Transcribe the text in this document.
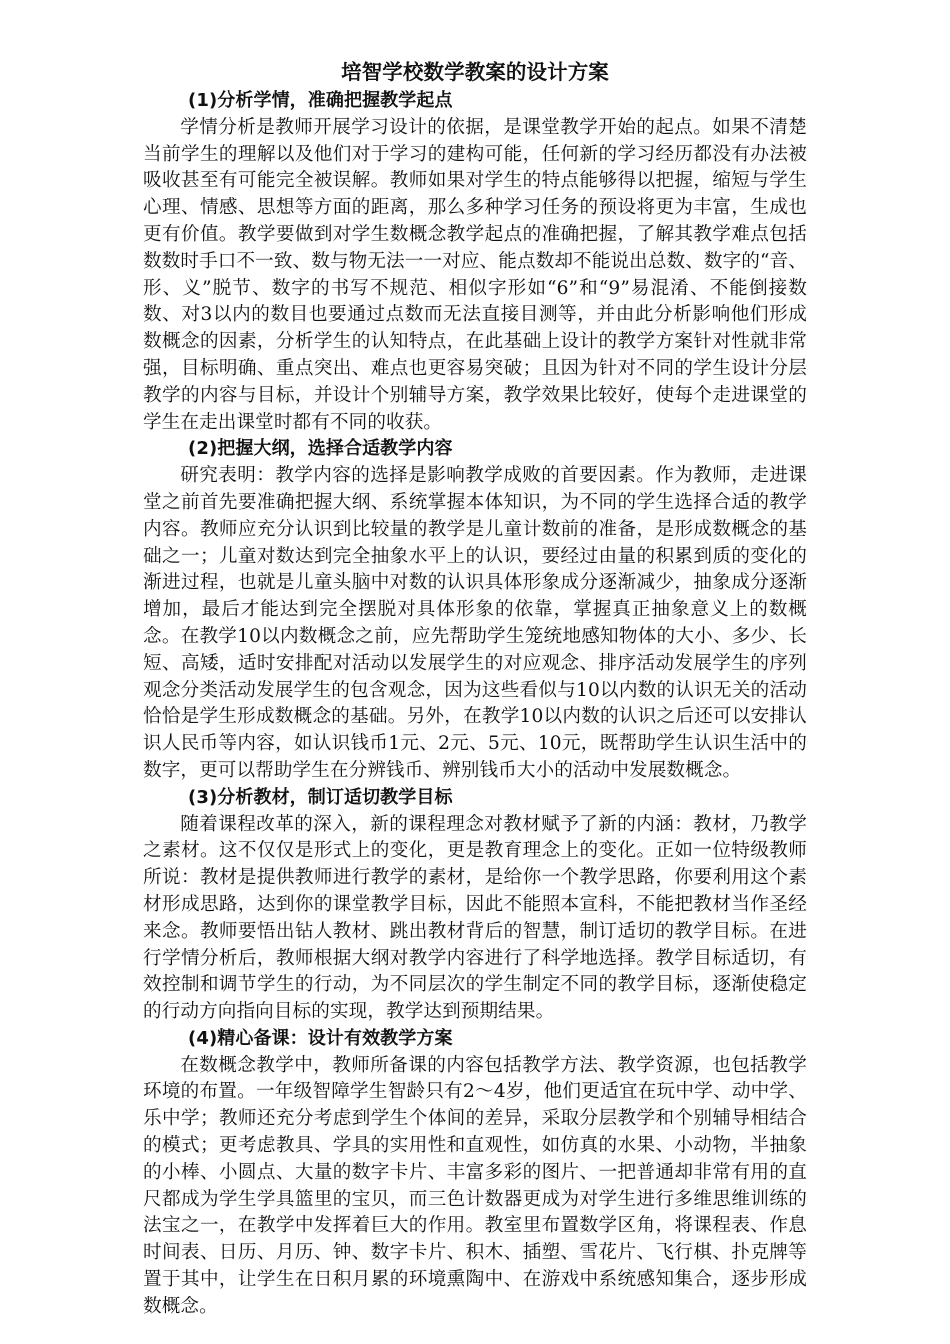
培智学校数学教案的设计方案
(1)分析学情，准确把握教学起点

学情分析是教师开展学习设计的依据，是课堂教学开始的起点。如果不清楚当前学生的理解以及他们对于学习的建构可能，任何新的学习经历都没有办法被吸收甚至有可能完全被误解。教师如果对学生的特点能够得以把握，缩短与学生心理、情感、思想等方面的距离，那么多种学习任务的预设将更为丰富，生成也更有价值。教学要做到对学生数概念教学起点的准确把握，了解其教学难点包括数数时手口不一致、数与物无法一一对应、能点数却不能说出总数、数字的“音、形、义”脱节、数字的书写不规范、相似字形如“6”和“9”易混淆、不能倒接数数、对3以内的数目也要通过点数而无法直接目测等，并由此分析影响他们形成数概念的因素，分析学生的认知特点，在此基础上设计的教学方案针对性就非常强，目标明确、重点突出、难点也更容易突破；且因为针对不同的学生设计分层教学的内容与目标，并设计个别辅导方案，教学效果比较好，使每个走进课堂的学生在走出课堂时都有不同的收获。

(2)把握大纲，选择合适教学内容

研究表明：教学内容的选择是影响教学成败的首要因素。作为教师，走进课堂之前首先要准确把握大纲、系统掌握本体知识，为不同的学生选择合适的教学内容。教师应充分认识到比较量的教学是儿童计数前的准备，是形成数概念的基础之一；儿童对数达到完全抽象水平上的认识，要经过由量的积累到质的变化的渐进过程，也就是儿童头脑中对数的认识具体形象成分逐渐减少，抽象成分逐渐增加，最后才能达到完全摆脱对具体形象的依靠，掌握真正抽象意义上的数概念。在教学10以内数概念之前，应先帮助学生笼统地感知物体的大小、多少、长短、高矮，适时安排配对活动以发展学生的对应观念、排序活动发展学生的序列观念分类活动发展学生的包含观念，因为这些看似与10以内数的认识无关的活动恰恰是学生形成数概念的基础。另外，在教学10以内数的认识之后还可以安排认识人民币等内容，如认识钱币1元、2元、5元、10元，既帮助学生认识生活中的数字，更可以帮助学生在分辨钱币、辨别钱币大小的活动中发展数概念。

(3)分析教材，制订适切教学目标

随着课程改革的深入，新的课程理念对教材赋予了新的内涵：教材，乃教学之素材。这不仅仅是形式上的变化，更是教育理念上的变化。正如一位特级教师所说：教材是提供教师进行教学的素材，是给你一个教学思路，你要利用这个素材形成思路，达到你的课堂教学目标，因此不能照本宣科，不能把教材当作圣经来念。教师要悟出钻人教材、跳出教材背后的智慧，制订适切的教学目标。在进行学情分析后，教师根据大纲对教学内容进行了科学地选择。教学目标适切，有效控制和调节学生的行动，为不同层次的学生制定不同的教学目标，逐渐使稳定的行动方向指向目标的实现，教学达到预期结果。

(4)精心备课：设计有效教学方案

在数概念教学中，教师所备课的内容包括教学方法、教学资源，也包括教学环境的布置。一年级智障学生智龄只有2～4岁，他们更适宜在玩中学、动中学、乐中学；教师还充分考虑到学生个体间的差异，采取分层教学和个别辅导相结合的模式；更考虑教具、学具的实用性和直观性，如仿真的水果、小动物，半抽象的小棒、小圆点、大量的数字卡片、丰富多彩的图片、一把普通却非常有用的直尺都成为学生学具篮里的宝贝，而三色计数器更成为对学生进行多维思维训练的法宝之一，在教学中发挥着巨大的作用。教室里布置数学区角，将课程表、作息时间表、日历、月历、钟、数字卡片、积木、插塑、雪花片、飞行棋、扑克牌等置于其中，让学生在日积月累的环境熏陶中、在游戏中系统感知集合，逐步形成数概念。
